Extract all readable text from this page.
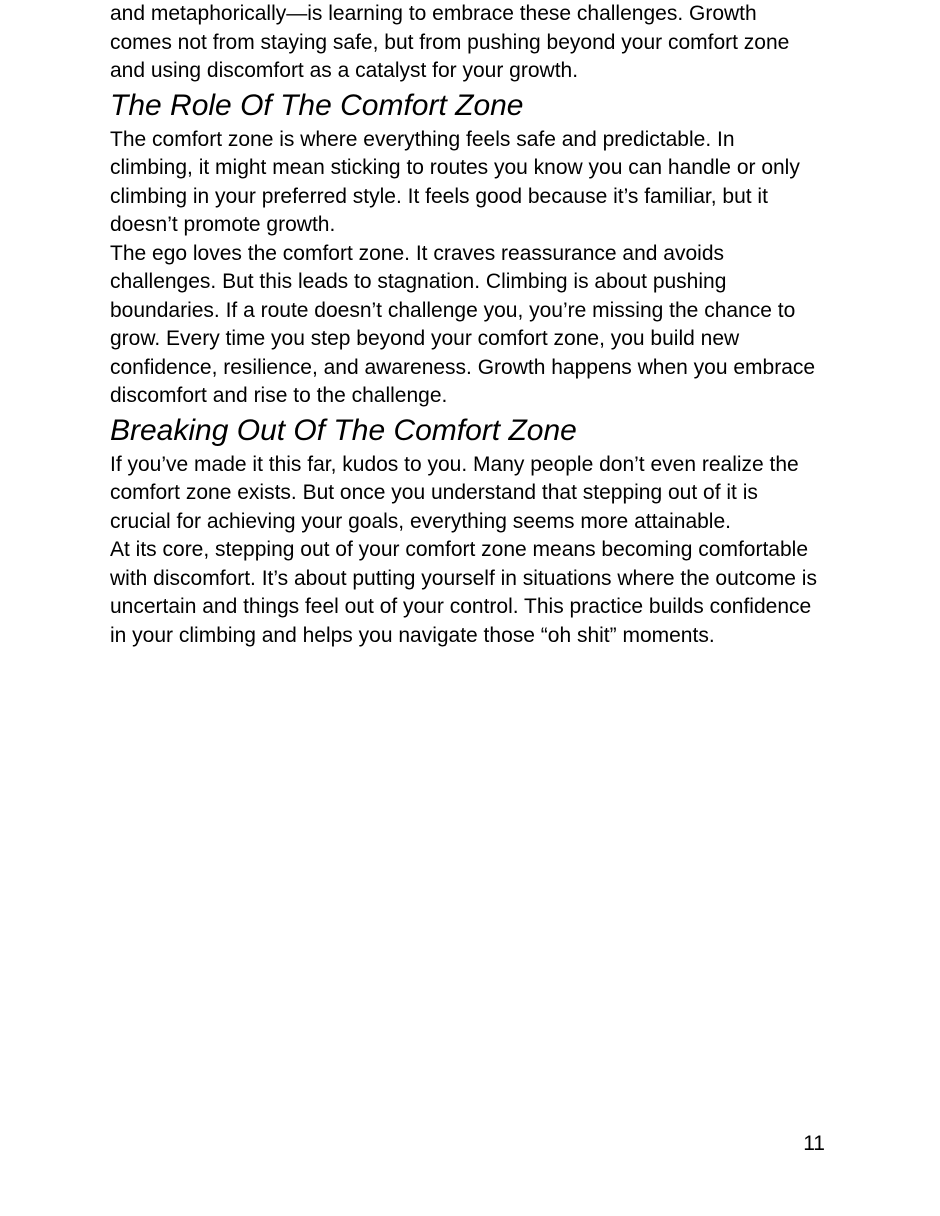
and metaphorically—is learning to embrace these challenges. Growth comes not from staying safe, but from pushing beyond your comfort zone and using discomfort as a catalyst for your growth.

The Role Of The Comfort Zone

The comfort zone is where everything feels safe and predictable. In climbing, it might mean sticking to routes you know you can handle or only climbing in your preferred style. It feels good because it’s familiar, but it doesn’t promote growth.

The ego loves the comfort zone. It craves reassurance and avoids challenges. But this leads to stagnation. Climbing is about pushing boundaries. If a route doesn’t challenge you, you’re missing the chance to grow. Every time you step beyond your comfort zone, you build new confidence, resilience, and awareness. Growth happens when you embrace discomfort and rise to the challenge.

Breaking Out Of The Comfort Zone

If you’ve made it this far, kudos to you. Many people don’t even realize the comfort zone exists. But once you understand that stepping out of it is crucial for achieving your goals, everything seems more attainable.

At its core, stepping out of your comfort zone means becoming comfortable with discomfort. It’s about putting yourself in situations where the outcome is uncertain and things feel out of your control. This practice builds confidence in your climbing and helps you navigate those “oh shit” moments.

11
